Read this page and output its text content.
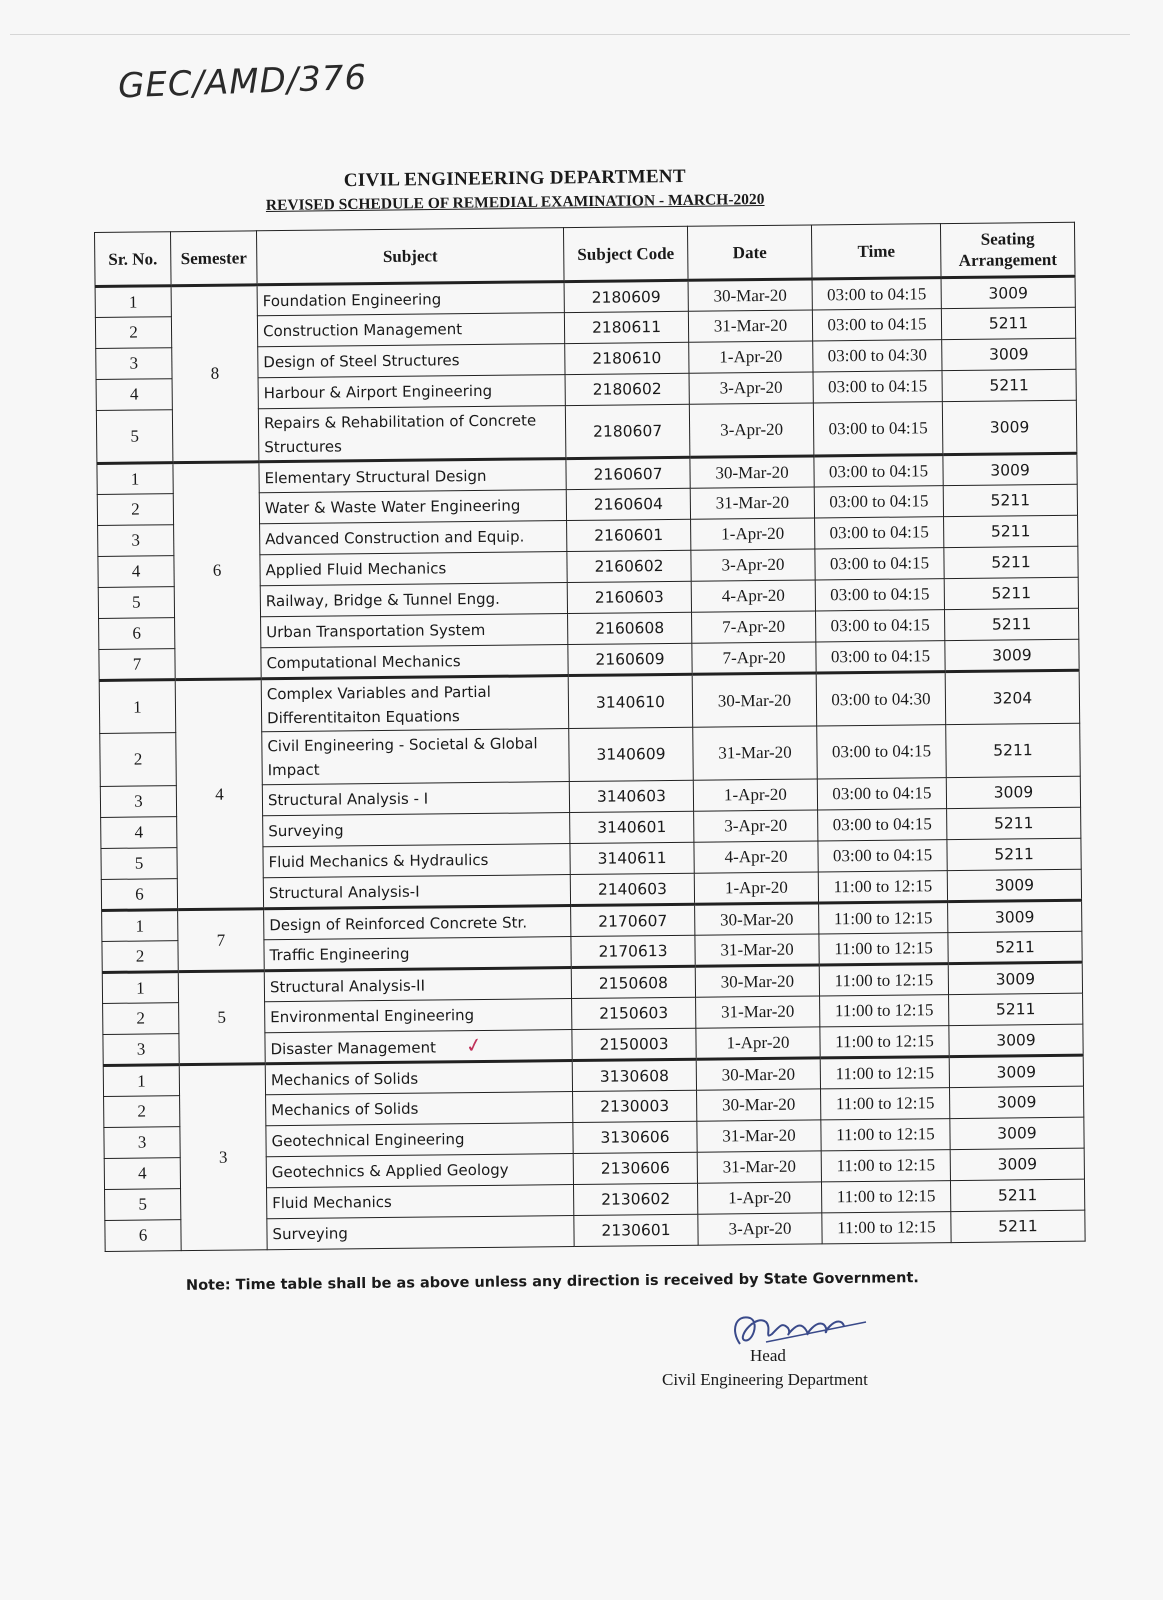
GEC/AMD/376
CIVIL ENGINEERING DEPARTMENT
REVISED SCHEDULE OF REMEDIAL EXAMINATION - MARCH-2020
Sr. No.	Semester	Subject	Subject Code	Date	Time	Seating Arrangement
1	8	Foundation Engineering	2180609	30-Mar-20	03:00 to 04:15	3009
2		Construction Management	2180611	31-Mar-20	03:00 to 04:15	5211
3		Design of Steel Structures	2180610	1-Apr-20	03:00 to 04:30	3009
4		Harbour & Airport Engineering	2180602	3-Apr-20	03:00 to 04:15	5211
5		Repairs & Rehabilitation of Concrete Structures	2180607	3-Apr-20	03:00 to 04:15	3009
1	6	Elementary Structural Design	2160607	30-Mar-20	03:00 to 04:15	3009
2		Water & Waste Water Engineering	2160604	31-Mar-20	03:00 to 04:15	5211
3		Advanced Construction and Equip.	2160601	1-Apr-20	03:00 to 04:15	5211
4		Applied Fluid Mechanics	2160602	3-Apr-20	03:00 to 04:15	5211
5		Railway, Bridge & Tunnel Engg.	2160603	4-Apr-20	03:00 to 04:15	5211
6		Urban Transportation System	2160608	7-Apr-20	03:00 to 04:15	5211
7		Computational Mechanics	2160609	7-Apr-20	03:00 to 04:15	3009
1	4	Complex Variables and Partial Differentitaiton Equations	3140610	30-Mar-20	03:00 to 04:30	3204
2		Civil Engineering - Societal & Global Impact	3140609	31-Mar-20	03:00 to 04:15	5211
3		Structural Analysis - I	3140603	1-Apr-20	03:00 to 04:15	3009
4		Surveying	3140601	3-Apr-20	03:00 to 04:15	5211
5		Fluid Mechanics & Hydraulics	3140611	4-Apr-20	03:00 to 04:15	5211
6		Structural Analysis-I	2140603	1-Apr-20	11:00 to 12:15	3009
1	7	Design of Reinforced Concrete Str.	2170607	30-Mar-20	11:00 to 12:15	3009
2		Traffic Engineering	2170613	31-Mar-20	11:00 to 12:15	5211
1	5	Structural Analysis-II	2150608	30-Mar-20	11:00 to 12:15	3009
2		Environmental Engineering	2150603	31-Mar-20	11:00 to 12:15	5211
3		Disaster Management ✓	2150003	1-Apr-20	11:00 to 12:15	3009
1	3	Mechanics of Solids	3130608	30-Mar-20	11:00 to 12:15	3009
2		Mechanics of Solids	2130003	30-Mar-20	11:00 to 12:15	3009
3		Geotechnical Engineering	3130606	31-Mar-20	11:00 to 12:15	3009
4		Geotechnics & Applied Geology	2130606	31-Mar-20	11:00 to 12:15	3009
5		Fluid Mechanics	2130602	1-Apr-20	11:00 to 12:15	5211
6		Surveying	2130601	3-Apr-20	11:00 to 12:15	5211
Note: Time table shall be as above unless any direction is received by State Government.
Head
Civil Engineering Department
